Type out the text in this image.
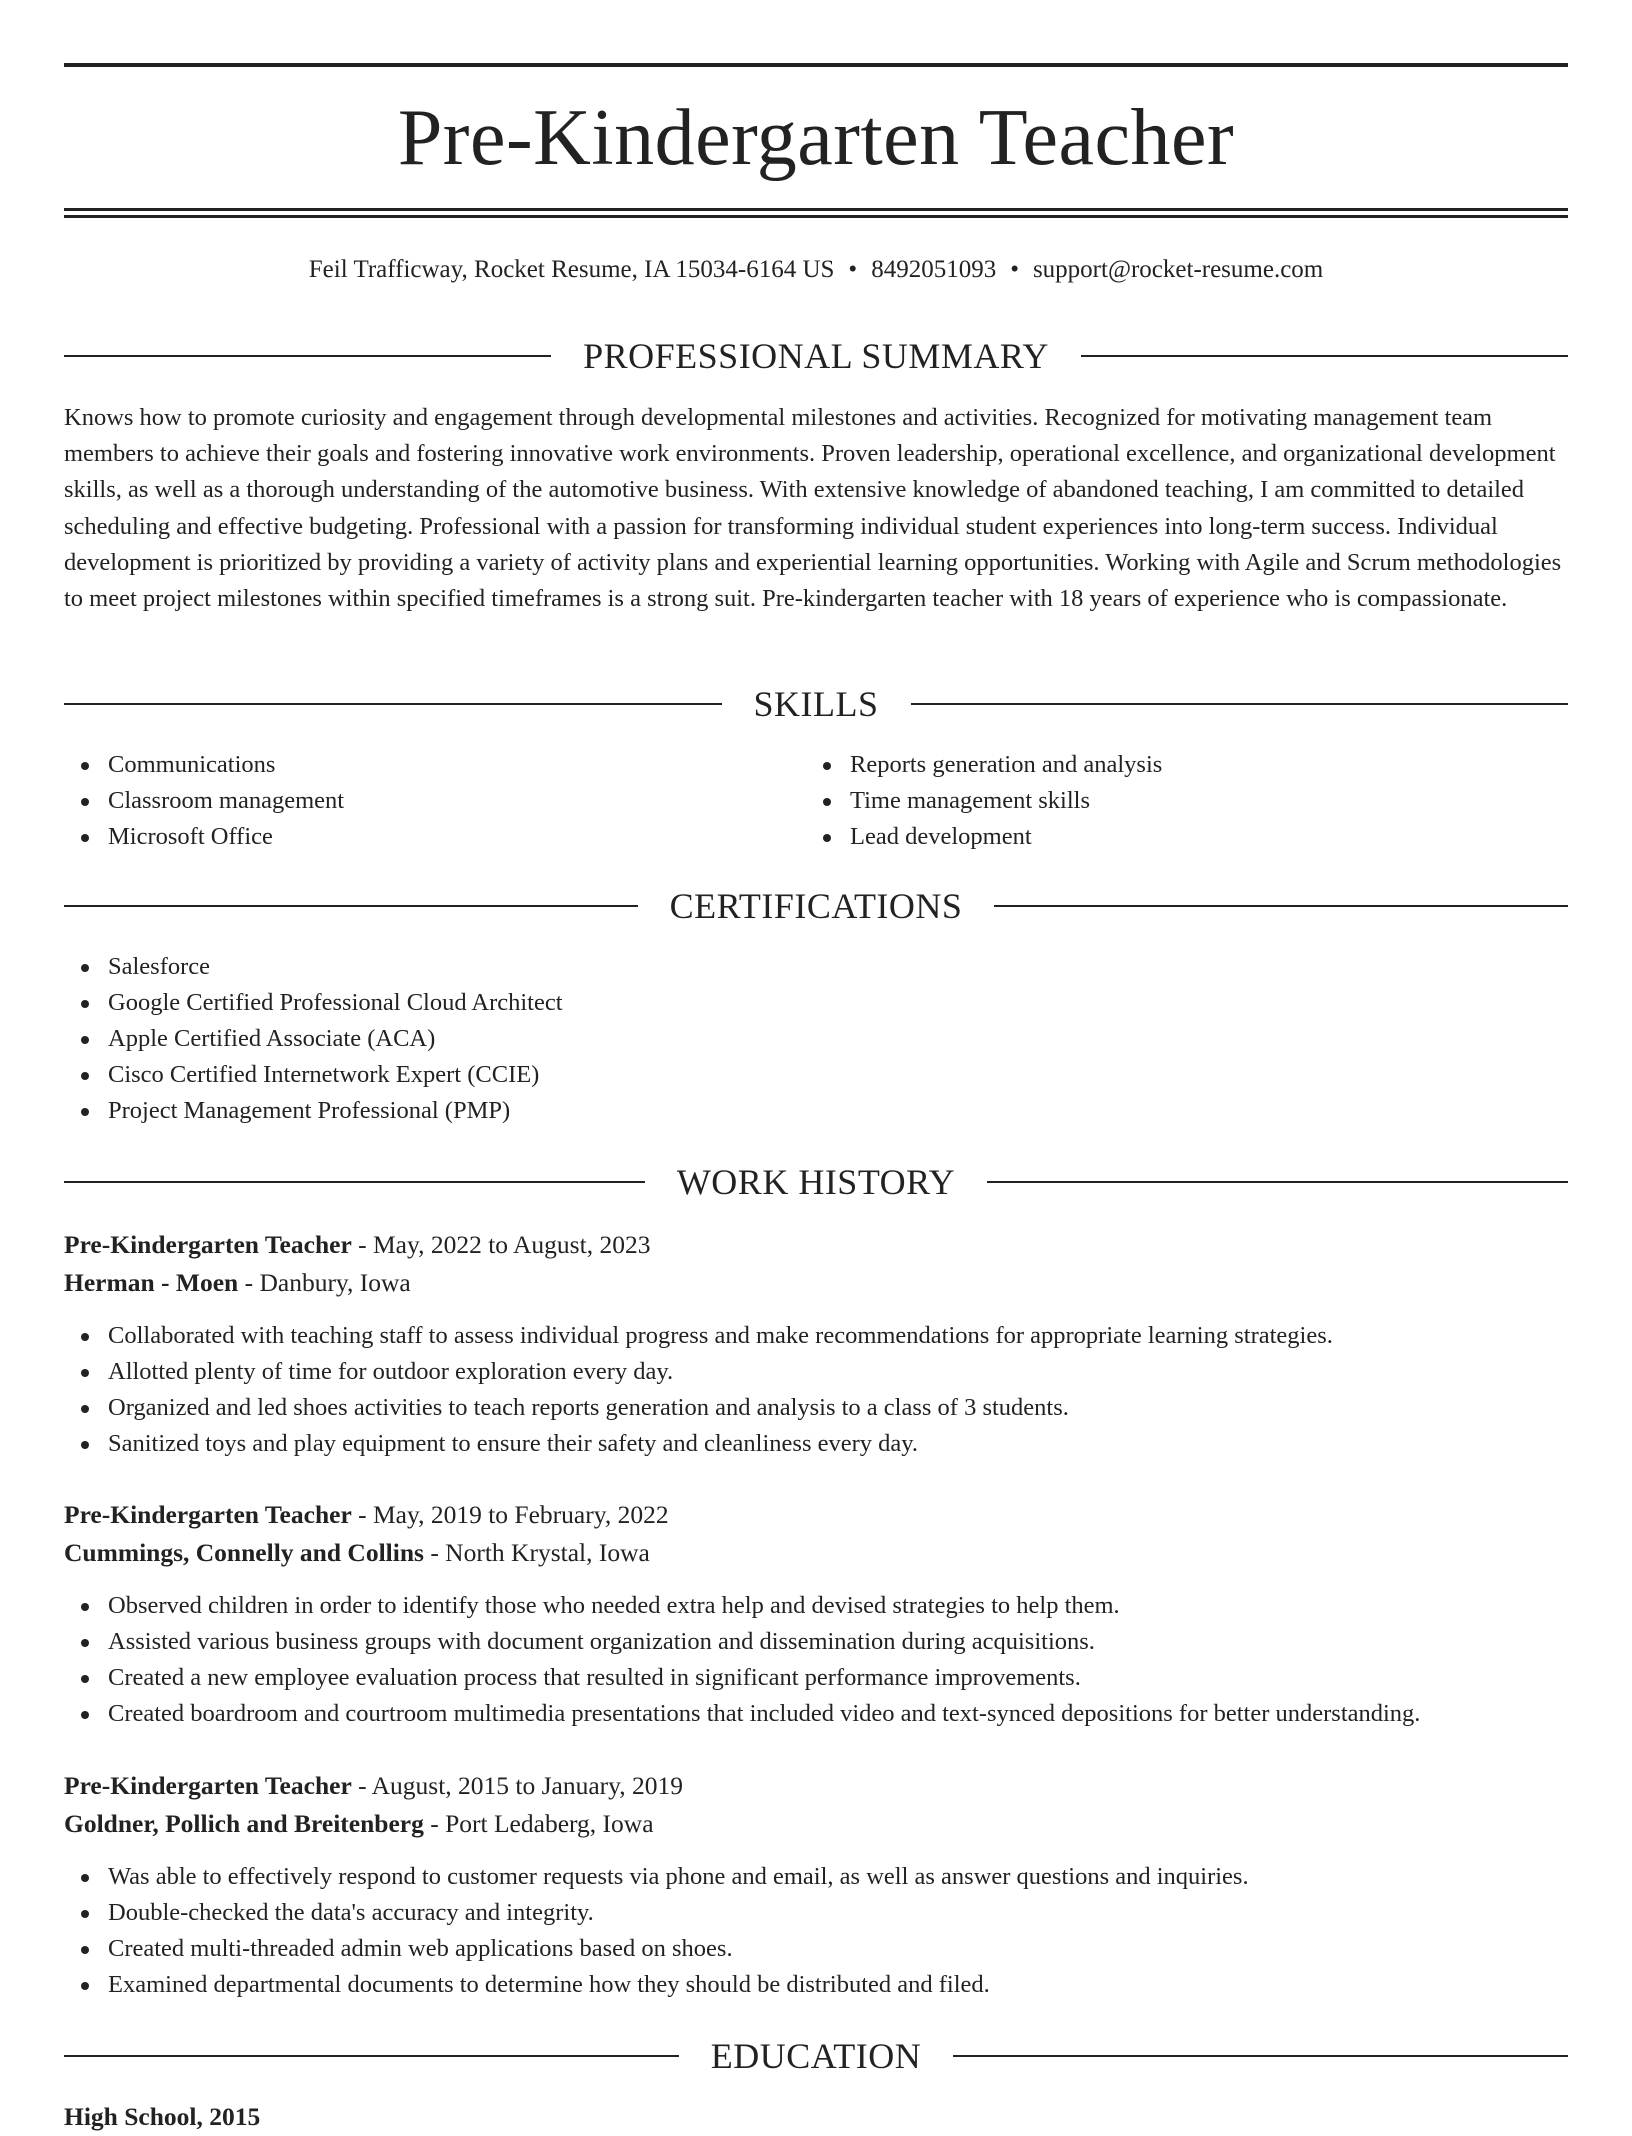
Pre-Kindergarten Teacher
Feil Trafficway, Rocket Resume, IA 15034-6164 US • 8492051093 • support@rocket-resume.com
PROFESSIONAL SUMMARY

Knows how to promote curiosity and engagement through developmental milestones and activities. Recognized for motivating management team members to achieve their goals and fostering innovative work environments. Proven leadership, operational excellence, and organizational development skills, as well as a thorough understanding of the automotive business. With extensive knowledge of abandoned teaching, I am committed to detailed scheduling and effective budgeting. Professional with a passion for transforming individual student experiences into long-term success. Individual development is prioritized by providing a variety of activity plans and experiential learning opportunities. Working with Agile and Scrum methodologies to meet project milestones within specified timeframes is a strong suit. Pre-kindergarten teacher with 18 years of experience who is compassionate.

SKILLS
Communications
Classroom management
Microsoft Office
Reports generation and analysis
Time management skills
Lead development
CERTIFICATIONS
Salesforce
Google Certified Professional Cloud Architect
Apple Certified Associate (ACA)
Cisco Certified Internetwork Expert (CCIE)
Project Management Professional (PMP)
WORK HISTORY
Pre-Kindergarten Teacher - May, 2022 to August, 2023
Herman - Moen - Danbury, Iowa
Collaborated with teaching staff to assess individual progress and make recommendations for appropriate learning strategies.
Allotted plenty of time for outdoor exploration every day.
Organized and led shoes activities to teach reports generation and analysis to a class of 3 students.
Sanitized toys and play equipment to ensure their safety and cleanliness every day.
Pre-Kindergarten Teacher - May, 2019 to February, 2022
Cummings, Connelly and Collins - North Krystal, Iowa
Observed children in order to identify those who needed extra help and devised strategies to help them.
Assisted various business groups with document organization and dissemination during acquisitions.
Created a new employee evaluation process that resulted in significant performance improvements.
Created boardroom and courtroom multimedia presentations that included video and text-synced depositions for better understanding.
Pre-Kindergarten Teacher - August, 2015 to January, 2019
Goldner, Pollich and Breitenberg - Port Ledaberg, Iowa
Was able to effectively respond to customer requests via phone and email, as well as answer questions and inquiries.
Double-checked the data's accuracy and integrity.
Created multi-threaded admin web applications based on shoes.
Examined departmental documents to determine how they should be distributed and filed.
EDUCATION
High School, 2015
